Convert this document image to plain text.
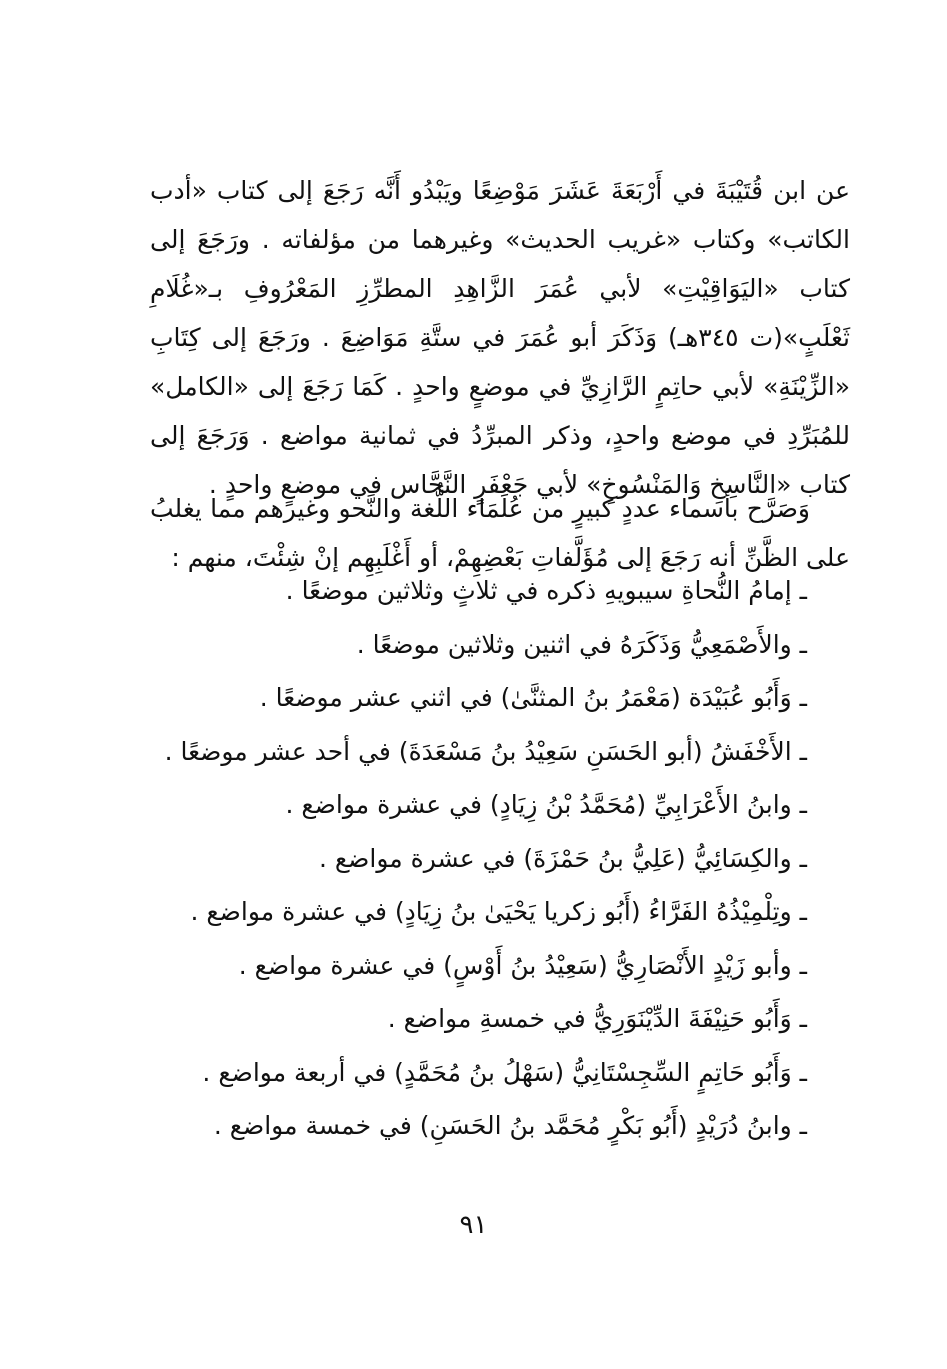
عن ابن قُتَيْبَةَ في أَرْبَعَةَ عَشَرَ مَوْضِعًا ويَبْدُو أَنَّه رَجَعَ إلى كتاب «أدب الكاتب» وكتاب «غريب الحديث» وغيرهما من مؤلفاته . ورَجَعَ إلى كتاب «اليَوَاقِيْتِ» لأبي عُمَرَ الزَّاهِدِ المطرِّزِ المَعْرُوفِ بـ«غُلَامِ ثَعْلَبٍ»(ت ٣٤٥هـ) وَذَكَرَ أبو عُمَرَ في ستَّةِ مَوَاضِعَ . ورَجَعَ إلى كِتَابِ «الزِّيْنَةِ» لأبي حاتِمٍ الرَّازِيِّ في موضعٍ واحدٍ . كَمَا رَجَعَ إلى «الكامل» للمُبَرِّدِ في موضع واحدٍ، وذكر المبرِّدُ في ثمانية مواضع . وَرَجَعَ إلى كتاب «النَّاسِخِ وَالمَنْسُوخِ» لأبي جَعْفَرٍ النَّحَّاس في موضعٍ واحدٍ .

وَصَرَّح بأسماء عددٍ كبيرٍ من عُلَمَاء اللُّغة والنَّحو وغيرهم مما يغلبُ على الظَّنِّ أنه رَجَعَ إلى مُؤَلَّفاتِ بَعْضِهِمْ، أو أَغْلَبِهِم إنْ شِئْتَ، منهم :

ـ إمامُ النُّحاةِ سيبويهِ ذكره في ثلاثٍ وثلاثين موضعًا .
ـ والأَصْمَعِيُّ وَذَكَرَهُ في اثنين وثلاثين موضعًا .
ـ وَأَبُو عُبَيْدَة (مَعْمَرُ بنُ المثنَّىٰ) في اثني عشر موضعًا .
ـ الأَخْفَشُ (أبو الحَسَنِ سَعِيْدُ بنُ مَسْعَدَةَ) في أحد عشر موضعًا .
ـ وابنُ الأَعْرَابِيِّ (مُحَمَّدُ بْنُ زِيَادٍ) في عشرة مواضع .
ـ والكِسَائِيُّ (عَلِيُّ بنُ حَمْزَةَ) في عشرة مواضع .
ـ وتِلْمِيْذُهُ الفَرَّاءُ (أَبُو زكريا يَحْيَىٰ بنُ زِيَادٍ) في عشرة مواضع .
ـ وأبو زَيْدٍ الأَنْصَارِيُّ (سَعِيْدُ بنُ أَوْسٍ) في عشرة مواضع .
ـ وَأَبُو حَنِيْفَةَ الدِّيْنَوَرِيُّ في خمسةِ مواضع .
ـ وَأَبُو حَاتِمٍ السِّجِسْتَانِيُّ (سَهْلُ بنُ مُحَمَّدٍ) في أربعة مواضع .
ـ وابنُ دُرَيْدٍ (أَبُو بَكْرٍ مُحَمَّد بنُ الحَسَنِ) في خمسة مواضع .
٩١
